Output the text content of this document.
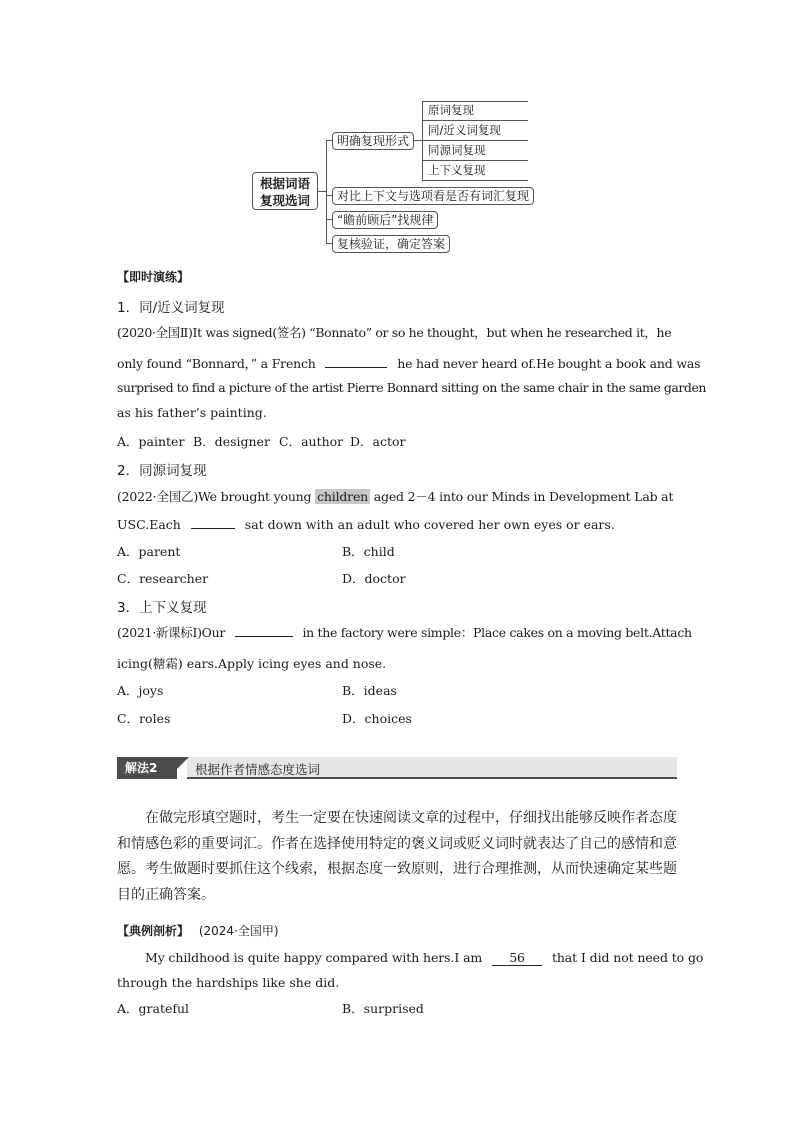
根据词语
复现选词
明确复现形式
对比上下文与选项看是否有词汇复现
“瞻前顾后”找规律
复核验证，确定答案
原词复现
同/近义词复现
同源词复现
上下义复现
【即时演练】
1．同/近义词复现
(2020·全国Ⅱ)It was signed(签名) “Bonnato” or so he thought，but when he researched it，he
only found “Bonnard，” a French	he had never heard of.He bought a book and was
surprised to find a picture of the artist Pierre Bonnard sitting on the same chair in the same garden
as his father’s painting.
A．painter B．designer C．author D．actor
2．同源词复现
(2022·全国乙)We brought young children aged 2－4 into our Minds in Development Lab at
USC.Each	sat down with an adult who covered her own eyes or ears.
A．parent	B．child
C．researcher	D．doctor
3．上下义复现
(2021·新课标Ⅰ)Our	in the factory were simple：Place cakes on a moving belt.Attach
icing(糖霜) ears.Apply icing eyes and nose.
A．joys	B．ideas
C．roles	D．choices
解法2	根据作者情感态度选词
在做完形填空题时，考生一定要在快速阅读文章的过程中，仔细找出能够反映作者态度和情感色彩的重要词汇。作者在选择使用特定的褒义词或贬义词时就表达了自己的感情和意愿。考生做题时要抓住这个线索，根据态度一致原则，进行合理推测，从而快速确定某些题目的正确答案。
【典例剖析】 (2024·全国甲)
My childhood is quite happy compared with hers.I am 56 that I did not need to go
through the hardships like she did.
A．grateful	B．surprised
